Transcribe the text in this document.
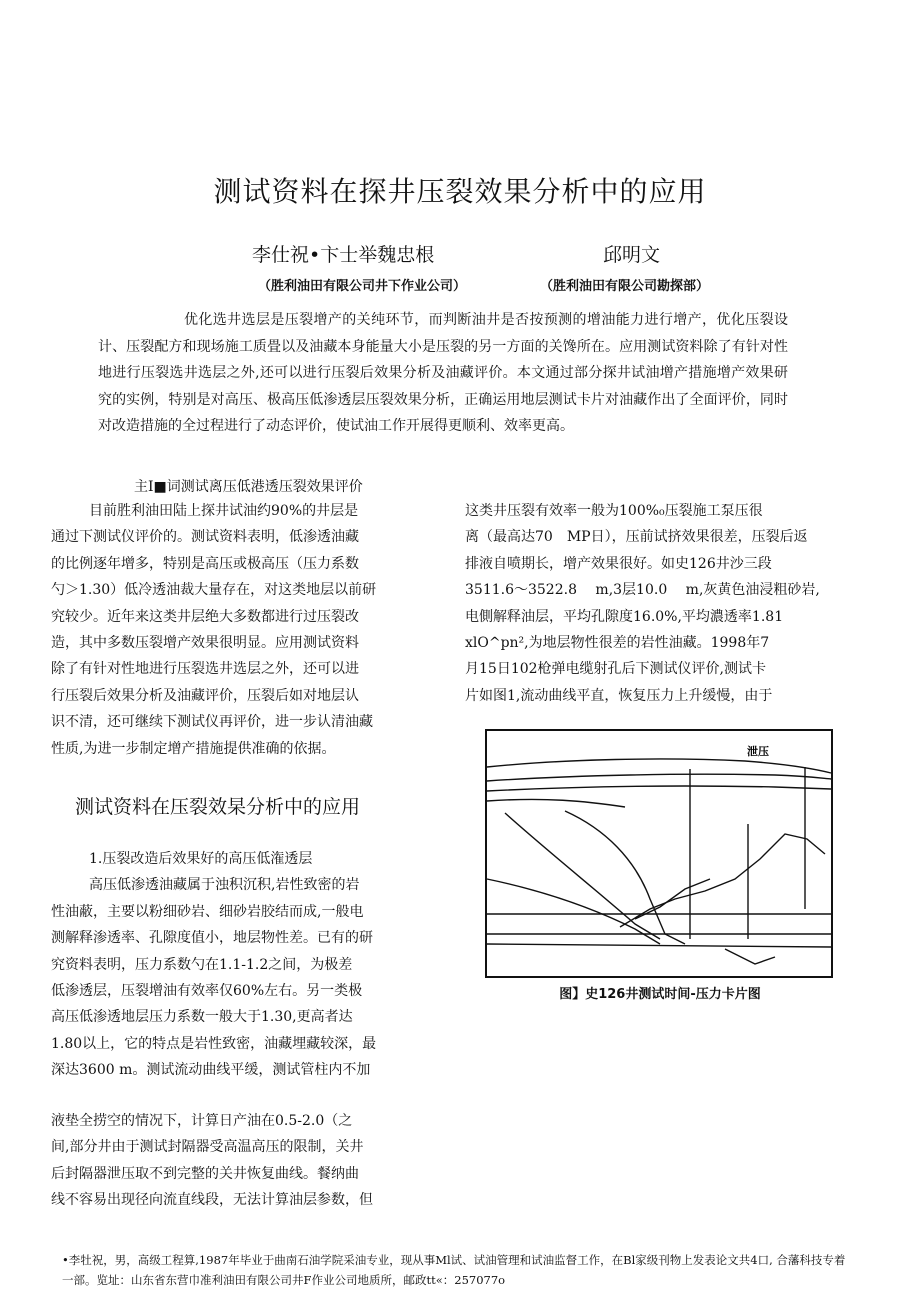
测试资料在探井压裂效果分析中的应用
李仕祝•卞士举魏忠根	邱明文
（胜利油田有限公司井下作业公司）	（胜利油田有限公司勘探部）

优化选井选层是压裂增产的关纯环节，而判断油井是否按预测的增油能力进行增产，优化压裂设计、压裂配方和现场施工质畳以及油藏本身能量大小是压裂的另一方面的关馋所在。应用测试资料除了有针对性地进行压裂选井选层之外,还可以进行压裂后效果分析及油藏评价。本文通过部分探井试油增产措施增产效果研究的实例，特别是对高压、极高压低渗透层压裂效果分析，正确运用地层测试卡片对油藏作出了全面评价，同时对改造措施的全过程进行了动态评价，使试油工作开展得更顺利、效率更高。

主I■词测试离压低港透压裂效果评价

目前胜利油田陆上探井试油约90%的井层是

通过下测试仪评价的。测试资料表明，低渗透油藏

的比例逐年增多，特别是高压或极高压（压力系数

勺＞1.30）低冷透油裁大量存在，对这类地层以前研

究较少。近年来这类井层绝大多数都进行过压裂改

造，其中多数压裂增产效果很明显。应用测试资料

除了有针对性地进行压裂选井选层之外，还可以进

行压裂后效果分析及油藏评价，压裂后如对地层认

识不清，还可继续下测试仪再评价，进一步认清油藏

性质,为进一步制定增产措施提供准确的依据。

测试资料在压裂效杲分析中的应用

1.压裂改造后效果好的高压低潅透层

高压低渗透油藏属于浊积沉积,岩性致密的岩

性油蔽，主要以粉细砂岩、细砂岩胶结而成,一般电

测解释渗透率、孔隙度值小，地层物性差。已有的研

究资料表明，压力系数勺在1.1-1.2之间，为极差

低渗透层，压裂增油有效率仅60%左右。另一类极

高压低渗透地层压力系数一般大于1.30,更高者达

1.80以上，它的特点是岩性致密，油藏埋藏较深，最

深达3600 m。测试流动曲线平缓，测试管柱内不加

液垫全捞空的情况下，计算日产油在0.5-2.0（之

间,部分井由于测试封隔器受高温高压的限制，关井

后封隔器泄压取不到完整的关井恢复曲线。餐纳曲

线不容易出现径向流直线段，无法计算油层参数，但

这类井压裂有效率一般为100%₀压裂施工泵压很

离（最高达70　MP日），压前试挤效果很差，压裂后返

排液自喷期长，增产效果很好。如史126井沙三段

3511.6～3522.8　 m,3层10.0　 m,灰黄色油浸粗砂岩,

电側解释油层，平均孔隙度16.0%,平均濃透率1.81

xlO^pn²,为地层物性很差的岩性油藏。1998年7

月15日102枪弹电缆射孔后下测试仪评价,测试卡

片如图1,流动曲线平直，恢复压力上升缓慢，由于

泄压
图】史126井测试时间-压力卡片图
•李牡祝，男，高级工程算,1987年毕业于曲南石油学院采油专业，现从事Ml试、试油管理和试油监督工作，在Bl家级刊物上发表论文共4口, 合藩科技专着一部。览址：山东省东营巾准利油田有限公司井F作业公司地质所，邮政tt«：257077o
